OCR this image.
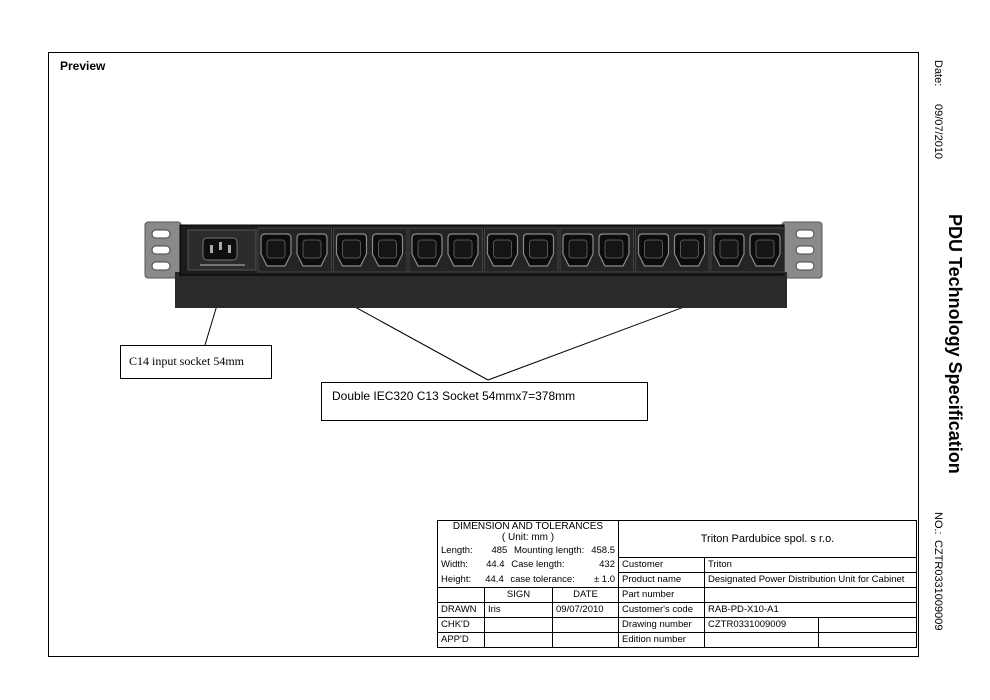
Preview	Date:
09/07/2010
PDU Technology Specification
NO.:
CZTR0331009009
C14 input socket 54mm
Double IEC320 C13 Socket 54mmx7=378mm
DIMENSION AND TOLERANCES
( Unit: mm )			Triton Pardubice spol. s r.o.		
Length: 485 Mounting length: 458.5					

Width: 44.4 Case length: 432			Customer	Triton	
Height: 44.4 case tolerance: ± 1.0			Product name	Designated Power Distribution Unit for Cabinet	
	SIGN	DATE	Part number		
DRAWN	Iris	09/07/2010	Customer's code	RAB-PD-X10-A1	
CHK'D			Drawing number	CZTR0331009009	
APP'D			Edition number		
